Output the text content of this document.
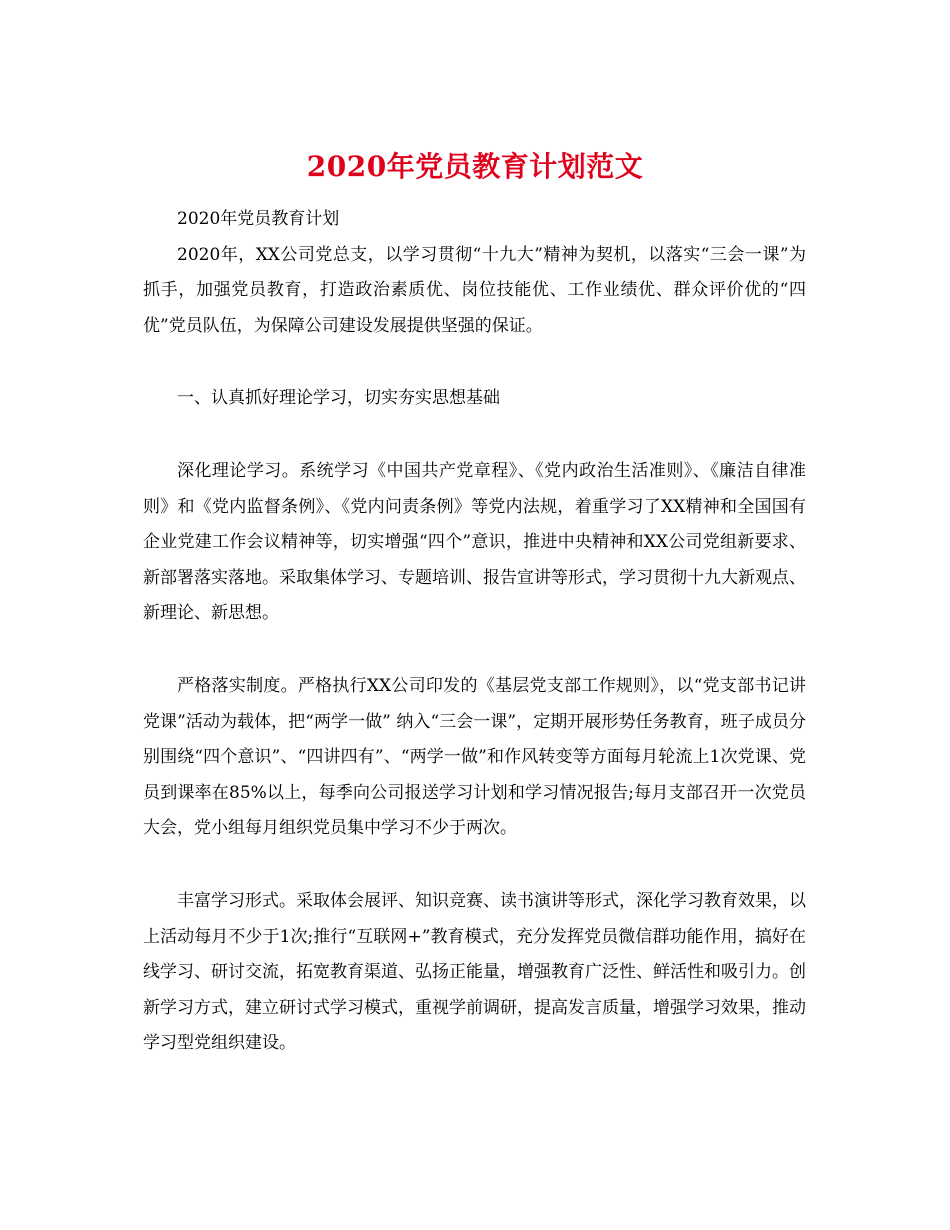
2020年党员教育计划范文

2020年党员教育计划

2020年，XX公司党总支，以学习贯彻“十九大”精神为契机，以落实“三会一课”为抓手，加强党员教育，打造政治素质优、岗位技能优、工作业绩优、群众评价优的“四优”党员队伍，为保障公司建设发展提供坚强的保证。

一、认真抓好理论学习，切实夯实思想基础

深化理论学习。系统学习《中国共产党章程》、《党内政治生活准则》、《廉洁自律准则》和《党内监督条例》、《党内问责条例》等党内法规，着重学习了XX精神和全国国有企业党建工作会议精神等，切实增强“四个”意识，推进中央精神和XX公司党组新要求、新部署落实落地。采取集体学习、专题培训、报告宣讲等形式，学习贯彻十九大新观点、新理论、新思想。

严格落实制度。严格执行XX公司印发的《基层党支部工作规则》，以“党支部书记讲党课”活动为载体，把“两学一做” 纳入“三会一课”，定期开展形势任务教育，班子成员分别围绕“四个意识”、“四讲四有”、“两学一做”和作风转变等方面每月轮流上1次党课、党员到课率在85%以上，每季向公司报送学习计划和学习情况报告;每月支部召开一次党员大会，党小组每月组织党员集中学习不少于两次。

丰富学习形式。采取体会展评、知识竞赛、读书演讲等形式，深化学习教育效果，以上活动每月不少于1次;推行“互联网+”教育模式，充分发挥党员微信群功能作用，搞好在线学习、研讨交流，拓宽教育渠道、弘扬正能量，增强教育广泛性、鲜活性和吸引力。创新学习方式，建立研讨式学习模式，重视学前调研，提高发言质量，增强学习效果，推动学习型党组织建设。
